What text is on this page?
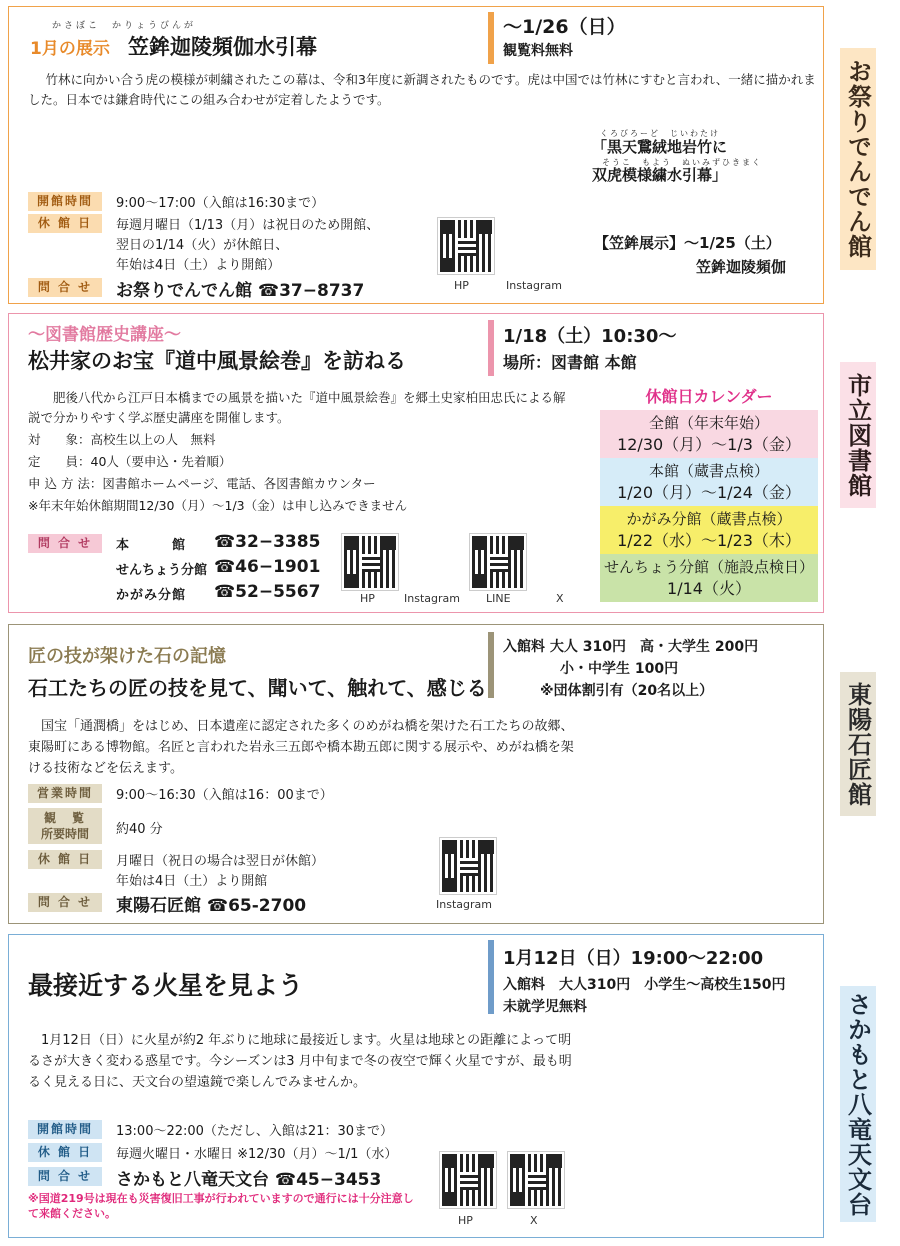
かさぼこ　かりょうびんが
1月の展示 笠鉾迦陵頻伽水引幕
～1/26（日）
観覧料無料
竹林に向かい合う虎の模様が刺繍されたこの幕は、令和3年度に新調されたものです。虎は中国では竹林にすむと言われ、一緒に描かれました。日本では鎌倉時代にこの組み合わせが定着したようです。
くろびろーど　じいわたけ
「黒天鵞絨地岩竹に
そうこ　もよう　ぬいみずひきまく
双虎模様繍水引幕」
開館時間	9:00～17:00（入館は16:30まで）
休 館 日	毎週月曜日（1/13（月）は祝日のため開館、
翌日の1/14（火）が休館日、
年始は4日（土）より開館）
問 合 せ	お祭りでんでん館 ☎37−8737	HP	Instagram
【笠鉾展示】～1/25（土）
笠鉾迦陵頻伽
お祭りでんでん館
～図書館歴史講座～
松井家のお宝『道中風景絵巻』を訪ねる
1/18（土）10:30～
場所：図書館 本館
肥後八代から江戸日本橋までの風景を描いた『道中風景絵巻』を郷土史家柏田忠氏による解説で分かりやすく学ぶ歴史講座を開催します。
対　　象：高校生以上の人　無料
定　　員：40人（要申込・先着順）
申 込 方 法：図書館ホームページ、電話、各図書館カウンター
※年末年始休館期間12/30（月）～1/3（金）は申し込みできません
問 合 せ	本　　　館	☎32−3385
せんちょう分館 ☎46−1901
かがみ分館 ☎52−5567	HP	Instagram LINE	X
休館日カレンダー
全館（年末年始）
12/30（月）～1/3（金）
本館（蔵書点検）
1/20（月）～1/24（金）
かがみ分館（蔵書点検）
1/22（水）～1/23（木）
せんちょう分館（施設点検日）
1/14（火）
市立図書館
匠の技が架けた石の記憶
石工たちの匠の技を見て、聞いて、触れて、感じる
入館料 大人 310円　高・大学生 200円
小・中学生 100円
※団体割引有（20名以上）
国宝「通潤橋」をはじめ、日本遺産に認定された多くのめがね橋を架けた石工たちの故郷、東陽町にある博物館。名匠と言われた岩永三五郎や橋本勘五郎に関する展示や、めがね橋を架ける技術などを伝えます。
営業時間	9:00～16:30（入館は16：00まで）
観　覧
所要時間	約40 分
休 館 日	月曜日（祝日の場合は翌日が休館）
年始は4日（土）より開館
問 合 せ	東陽石匠館 ☎65-2700	Instagram
東陽石匠館
最接近する火星を見よう
1月12日（日）19:00～22:00
入館料　大人310円　小学生～高校生150円
未就学児無料
1月12日（日）に火星が約2 年ぶりに地球に最接近します。火星は地球との距離によって明るさが大きく変わる惑星です。今シーズンは3 月中旬まで冬の夜空で輝く火星ですが、最も明るく見える日に、天文台の望遠鏡で楽しんでみませんか。
開館時間	13:00～22:00（ただし、入館は21：30まで）
休 館 日	毎週火曜日・水曜日 ※12/30（月）～1/1（水）
問 合 せ	さかもと八竜天文台 ☎45−3453
※国道219号は現在も災害復旧工事が行われていますので通行には十分注意して来館ください。
HP	X
さかもと八竜天文台
